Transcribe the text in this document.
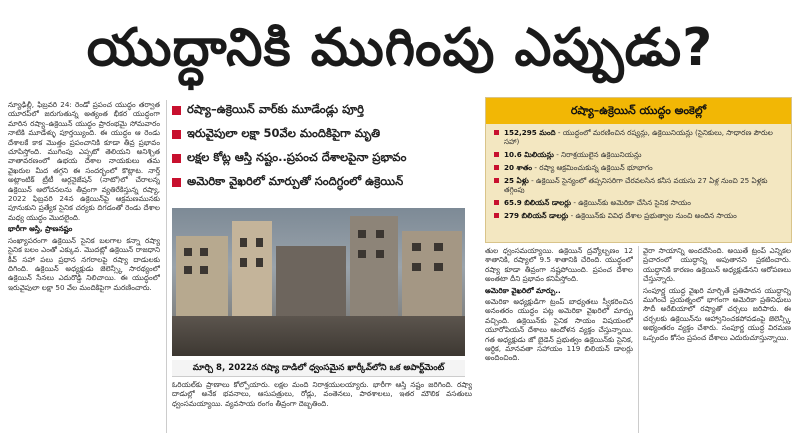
యుద్ధానికి ముగింపు ఎప్పుడు?

న్యూఢిల్లీ, ఫిబ్రవరి 24: రెండో ప్రపంచ యుద్ధం తర్వాత యూరప్‌లో జరుగుతున్న అత్యంత భీకర యుద్ధంగా మారిన రష్యా–ఉక్రెయిన్ యుద్ధం ప్రారంభమై సోమవారం నాటికి మూడేళ్ళు పూర్తయ్యింది. ఈ యుద్ధం ఆ రెండు దేశాలకే కాక మొత్తం ప్రపంచానికి కూడా తీవ్ర ప్రభావం చూపిస్తోంది. ముగింపు ఎప్పటో తెలియని అనిశ్చిత వాతావరణంలో ఉభయ దేశాల నాయకులు తమ వైఖరుల మీద తగ్గని ఈ సందర్భంలో కొట్లాట. నార్త్ అట్లాంటిక్ ట్రీటీ ఆర్గనైజేషన్ (నాటో)లో చేరాలన్న ఉక్రెయిన్ ఆలోచనలను తీవ్రంగా వ్యతిరేకిస్తున్న రష్యా, 2022 ఫిబ్రవరి 24న ఉక్రెయిన్‌పై ఆక్రమణమునకు పూనుకుని ప్రత్యేక సైనిక చర్యకు దిగడంతో రెండు దేశాల మధ్య యుద్ధం మొదలైంది.

భారీగా ఆస్తి, ప్రాణనష్టం

సంఖ్యాపరంగా ఉక్రెయిన్ సైనిక బలగాల కన్నా రష్యా సైనిక బలం ఎంతో ఎక్కువ. మొదట్లో ఉక్రెయిన్ రాజధాని కీవ్ సహా పలు ప్రధాన నగరాలపై రష్యా దాడులకు దిగింది. ఉక్రెయిన్ అధ్యక్షుడు జెలెన్స్కీ సారథ్యంలో ఉక్రెయిన్ సేనలు ఎదురొడ్డి నిలిచాయి. ఈ యుద్ధంలో ఇరువైపులా లక్షా 50 వేల మందికిపైగా మరణించారు.

రష్యా–ఉక్రెయిన్ వార్‌కు మూడేండ్లు పూర్తి
ఇరువైపులా లక్షా 50వేల మందికిపైగా మృతి
లక్షల కోట్ల ఆస్తి నష్టం..ప్రపంచ దేశాలపైనా ప్రభావం
అమెరికా వైఖరిలో మార్పుతో సందిగ్ధంలో ఉక్రెయిన్
మార్చి 8, 2022న రష్యా దాడిలో ధ్వంసమైన ఖార్కీవ్‌లోని ఒక అపార్ట్‌మెంట్

ఓరియల్‌కు ప్రాణాలు కోల్పోయారు. లక్షల మంది నిరాశ్రయులయ్యారు. భారీగా ఆస్తి నష్టం జరిగింది. రష్యా దాడుల్లో అనేక భవనాలు, ఆసుపత్రులు, రోడ్లు, వంతెనలు, పాఠశాలలు, ఇతర మౌలిక వసతులు ధ్వంసమయ్యాయి. వ్యవసాయ రంగం తీవ్రంగా దెబ్బతింది.

రష్యా–ఉక్రెయిన్ యుద్ధం అంకెల్లో
152,295 మంది - యుద్ధంలో మరణించిన రష్యన్లు, ఉక్రెయినియన్లు (సైనికులు, సాధారణ పౌరుల సహా)
10.6 మిలియన్లు - నిరాశ్రయులైన ఉక్రెయినియన్లు
20 శాతం - రష్యా ఆక్రమించుకున్న ఉక్రెయిన్ భూభాగం
25 ఏళ్లు - ఉక్రెయిన్ సైన్యంలో తప్పనిసరిగా చేరవలసిన కనీస వయసు 27 ఏళ్ల నుంచి 25 ఏళ్లకు తగ్గింపు
65.9 బిలియన్ డాలర్లు - ఉక్రెయిన్‌కు అమెరికా చేసిన సైనిక సాయం
279 బిలియన్ డాలర్లు - ఉక్రెయిన్‌కు వివిధ దేశాల ప్రభుత్వాల నుంచి అందిన సాయం

తుల ధ్వంసమయ్యాయి. ఉక్రెయిన్ ద్రవ్యోల్బణం 12 శాతానికి, రష్యాలో 9.5 శాతానికి చేరింది. యుద్ధంలో రష్యా కూడా తీవ్రంగా నష్టపోయింది. ప్రపంచ దేశాల అంతటా దీని ప్రభావం కనిపిస్తోంది.

అమెరికా వైఖరిలో మార్పు..

అమెరికా అధ్యక్షుడిగా ట్రంప్ బాధ్యతలు స్వీకరించిన అనంతరం యుద్ధం పట్ల అమెరికా వైఖరిలో మార్పు వచ్చింది. ఉక్రెయిన్‌కు సైనిక సాయం విషయంలో యూరోపియన్ దేశాలు ఆందోళన వ్యక్తం చేస్తున్నాయి. గత అధ్యక్షుడు జో బైడెన్ ప్రభుత్వం ఉక్రెయిన్‌కు సైనిక, ఆర్థిక, మానవతా సహాయం 119 బిలియన్ డాలర్లు అందించింది.

వైరా సాయాన్ని అందదేసింది. అయితే ట్రంప్ ఎన్నికల ప్రచారంలో యుద్ధాన్ని ఆపుతానని ప్రకటించారు. యుద్ధానికి కారణం ఉక్రెయిన్ అధ్యక్షుడేనని ఆరోపణలు చేస్తున్నారు.

సంపూర్ణ యుద్ధ వైఖరి మార్చితే ప్రతిపాదన యుద్ధాన్ని ముగించే ప్రయత్నంలో భాగంగా అమెరికా ప్రతినిధులు సౌదీ అరేబియాలో రష్యాతో చర్చలు జరిపారు. ఈ చర్చలకు ఉక్రెయిన్‌ను ఆహ్వానించకపోవడంపై జెలెన్స్కీ అభ్యంతరం వ్యక్తం చేశారు. సంపూర్ణ యుద్ధ విరమణ ఒప్పందం కోసం ప్రపంచ దేశాలు ఎదురుచూస్తున్నాయి.
